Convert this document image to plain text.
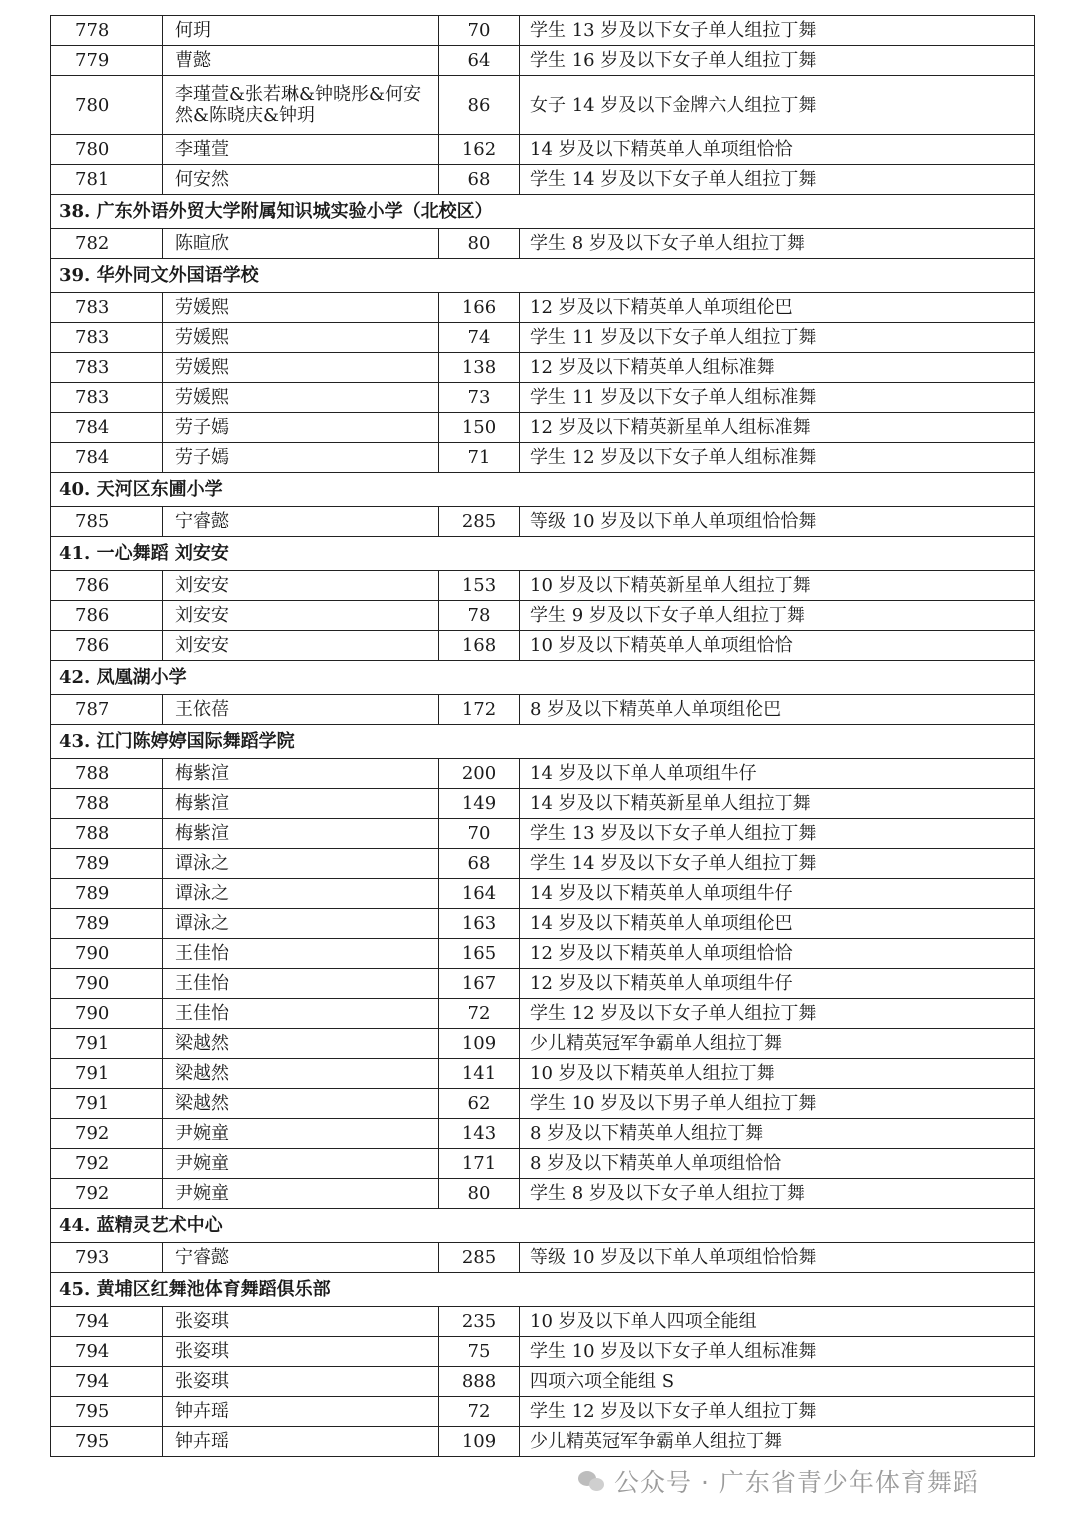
778	何玥	70	学生 13 岁及以下女子单人组拉丁舞
779	曹懿	64	学生 16 岁及以下女子单人组拉丁舞
780	李瑾萱&张若琳&钟晓彤&何安然&陈晓庆&钟玥	86	女子 14 岁及以下金牌六人组拉丁舞
780	李瑾萱	162	14 岁及以下精英单人单项组恰恰
781	何安然	68	学生 14 岁及以下女子单人组拉丁舞
38. 广东外语外贸大学附属知识城实验小学（北校区）			
782	陈暄欣	80	学生 8 岁及以下女子单人组拉丁舞
39. 华外同文外国语学校			
783	劳媛熙	166	12 岁及以下精英单人单项组伦巴
783	劳媛熙	74	学生 11 岁及以下女子单人组拉丁舞
783	劳媛熙	138	12 岁及以下精英单人组标准舞
783	劳媛熙	73	学生 11 岁及以下女子单人组标准舞
784	劳子嫣	150	12 岁及以下精英新星单人组标准舞
784	劳子嫣	71	学生 12 岁及以下女子单人组标准舞
40. 天河区东圃小学			
785	宁睿懿	285	等级 10 岁及以下单人单项组恰恰舞
41. 一心舞蹈 刘安安			
786	刘安安	153	10 岁及以下精英新星单人组拉丁舞
786	刘安安	78	学生 9 岁及以下女子单人组拉丁舞
786	刘安安	168	10 岁及以下精英单人单项组恰恰
42. 凤凰湖小学			
787	王依蓓	172	8 岁及以下精英单人单项组伦巴
43. 江门陈婷婷国际舞蹈学院			
788	梅紫渲	200	14 岁及以下单人单项组牛仔
788	梅紫渲	149	14 岁及以下精英新星单人组拉丁舞
788	梅紫渲	70	学生 13 岁及以下女子单人组拉丁舞
789	谭泳之	68	学生 14 岁及以下女子单人组拉丁舞
789	谭泳之	164	14 岁及以下精英单人单项组牛仔
789	谭泳之	163	14 岁及以下精英单人单项组伦巴
790	王佳怡	165	12 岁及以下精英单人单项组恰恰
790	王佳怡	167	12 岁及以下精英单人单项组牛仔
790	王佳怡	72	学生 12 岁及以下女子单人组拉丁舞
791	梁越然	109	少儿精英冠军争霸单人组拉丁舞
791	梁越然	141	10 岁及以下精英单人组拉丁舞
791	梁越然	62	学生 10 岁及以下男子单人组拉丁舞
792	尹婉童	143	8 岁及以下精英单人组拉丁舞
792	尹婉童	171	8 岁及以下精英单人单项组恰恰
792	尹婉童	80	学生 8 岁及以下女子单人组拉丁舞
44. 蓝精灵艺术中心			
793	宁睿懿	285	等级 10 岁及以下单人单项组恰恰舞
45. 黄埔区红舞池体育舞蹈俱乐部			
794	张姿琪	235	10 岁及以下单人四项全能组
794	张姿琪	75	学生 10 岁及以下女子单人组标准舞
794	张姿琪	888	四项六项全能组 S
795	钟卉瑶	72	学生 12 岁及以下女子单人组拉丁舞
795	钟卉瑶	109	少儿精英冠军争霸单人组拉丁舞
公众号 · 广东省青少年体育舞蹈
